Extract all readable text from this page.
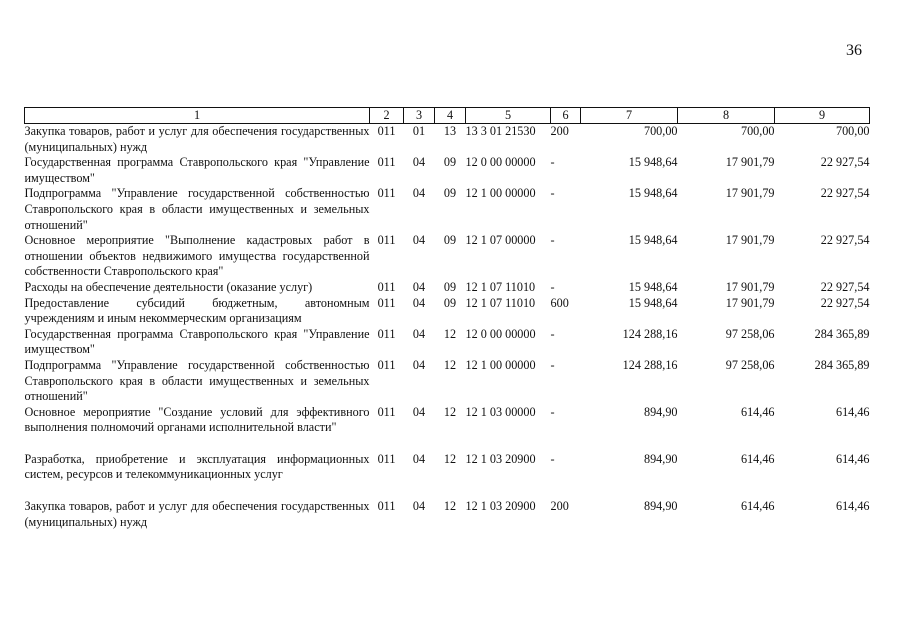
36
1	2	3	4	5	6	7	8	9
Закупка товаров, работ и услуг для обеспечения государственных (муниципальных) нужд	011	01	13	13 3 01 21530	200	700,00	700,00	700,00
Государственная программа Ставропольского края "Управление имуществом"	011	04	09	12 0 00 00000	-	15 948,64	17 901,79	22 927,54
Подпрограмма "Управление государственной собственностью Ставропольского края в области имущественных и земельных отношений"	011	04	09	12 1 00 00000	-	15 948,64	17 901,79	22 927,54
Основное мероприятие "Выполнение кадастровых работ в отношении объектов недвижимого имущества государственной собственности Ставропольского края"	011	04	09	12 1 07 00000	-	15 948,64	17 901,79	22 927,54
Расходы на обеспечение деятельности (оказание услуг)	011	04	09	12 1 07 11010	-	15 948,64	17 901,79	22 927,54
Предоставление субсидий бюджетным, автономным учреждениям и иным некоммерческим организациям	011	04	09	12 1 07 11010	600	15 948,64	17 901,79	22 927,54
Государственная программа Ставропольского края "Управление имуществом"	011	04	12	12 0 00 00000	-	124 288,16	97 258,06	284 365,89
Подпрограмма "Управление государственной собственностью Ставропольского края в области имущественных и земельных отношений"	011	04	12	12 1 00 00000	-	124 288,16	97 258,06	284 365,89
Основное мероприятие "Создание условий для эффективного выполнения полномочий органами исполнительной власти"	011	04	12	12 1 03 00000	-	894,90	614,46	614,46
Разработка, приобретение и эксплуатация информационных систем, ресурсов и телекоммуникационных услуг	011	04	12	12 1 03 20900	-	894,90	614,46	614,46
Закупка товаров, работ и услуг для обеспечения государственных (муниципальных) нужд	011	04	12	12 1 03 20900	200	894,90	614,46	614,46
